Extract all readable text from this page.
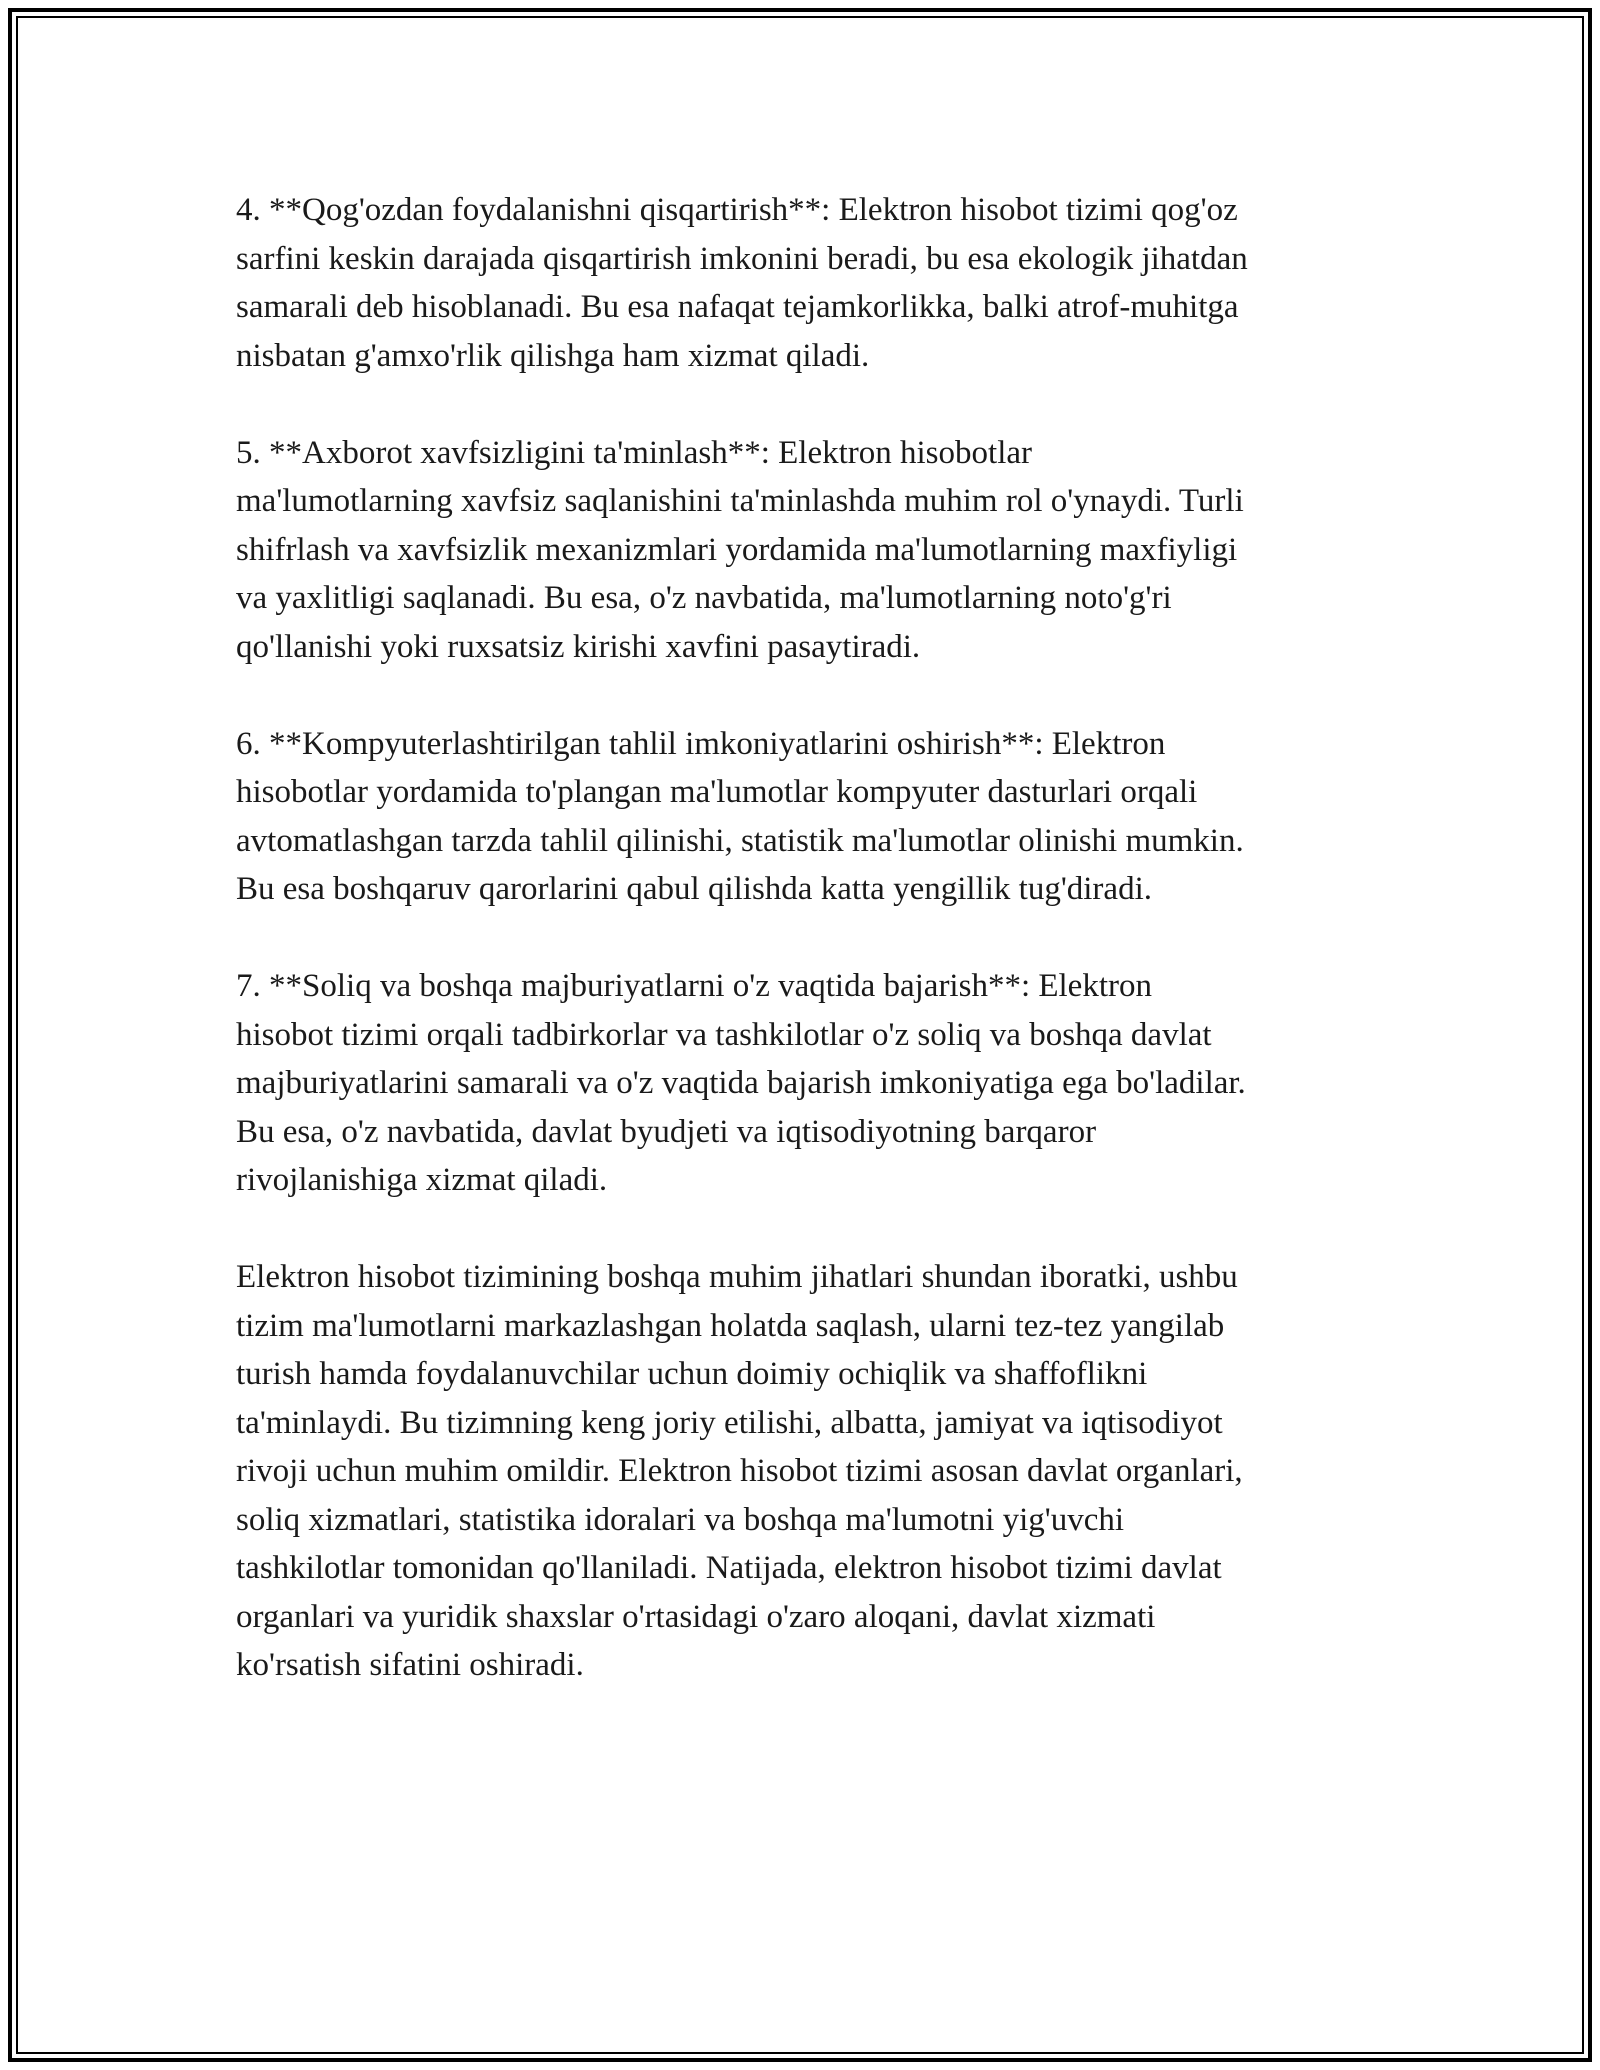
4. **Qog'ozdan foydalanishni qisqartirish**: Elektron hisobot tizimi qog'oz
sarfini keskin darajada qisqartirish imkonini beradi, bu esa ekologik jihatdan
samarali deb hisoblanadi. Bu esa nafaqat tejamkorlikka, balki atrof-muhitga
nisbatan g'amxo'rlik qilishga ham xizmat qiladi.

5. **Axborot xavfsizligini ta'minlash**: Elektron hisobotlar
ma'lumotlarning xavfsiz saqlanishini ta'minlashda muhim rol o'ynaydi. Turli
shifrlash va xavfsizlik mexanizmlari yordamida ma'lumotlarning maxfiyligi
va yaxlitligi saqlanadi. Bu esa, o'z navbatida, ma'lumotlarning noto'g'ri
qo'llanishi yoki ruxsatsiz kirishi xavfini pasaytiradi.

6. **Kompyuterlashtirilgan tahlil imkoniyatlarini oshirish**: Elektron
hisobotlar yordamida to'plangan ma'lumotlar kompyuter dasturlari orqali
avtomatlashgan tarzda tahlil qilinishi, statistik ma'lumotlar olinishi mumkin.
Bu esa boshqaruv qarorlarini qabul qilishda katta yengillik tug'diradi.

7. **Soliq va boshqa majburiyatlarni o'z vaqtida bajarish**: Elektron
hisobot tizimi orqali tadbirkorlar va tashkilotlar o'z soliq va boshqa davlat
majburiyatlarini samarali va o'z vaqtida bajarish imkoniyatiga ega bo'ladilar.
Bu esa, o'z navbatida, davlat byudjeti va iqtisodiyotning barqaror
rivojlanishiga xizmat qiladi.

Elektron hisobot tizimining boshqa muhim jihatlari shundan iboratki, ushbu
tizim ma'lumotlarni markazlashgan holatda saqlash, ularni tez-tez yangilab
turish hamda foydalanuvchilar uchun doimiy ochiqlik va shaffoflikni
ta'minlaydi. Bu tizimning keng joriy etilishi, albatta, jamiyat va iqtisodiyot
rivoji uchun muhim omildir. Elektron hisobot tizimi asosan davlat organlari,
soliq xizmatlari, statistika idoralari va boshqa ma'lumotni yig'uvchi
tashkilotlar tomonidan qo'llaniladi. Natijada, elektron hisobot tizimi davlat
organlari va yuridik shaxslar o'rtasidagi o'zaro aloqani, davlat xizmati
ko'rsatish sifatini oshiradi.
